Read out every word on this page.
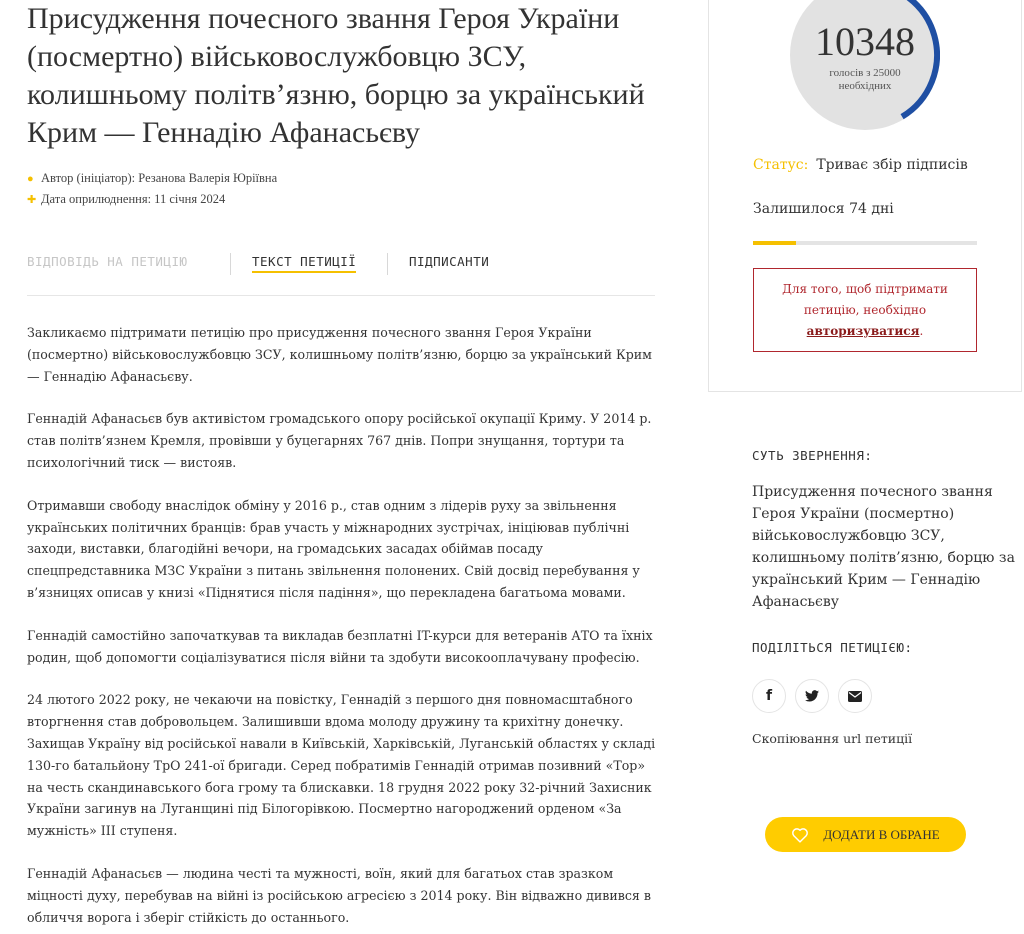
Присудження почесного звання Героя України (посмертно) військовослужбовцю ЗСУ, колишньому політв’язню, борцю за український Крим — Геннадію Афанасьєву
● Автор (ініціатор): Резанова Валерія Юріївна
✚ Дата оприлюднення: 11 січня 2024
ВІДПОВІДЬ НА ПЕТИЦІЮ	ТЕКСТ ПЕТИЦІЇ	ПІДПИСАНТИ

Закликаємо підтримати петицію про присудження почесного звання Героя України (посмертно) військовослужбовцю ЗСУ, колишньому політв’язню, борцю за український Крим — Геннадію Афанасьєву.

Геннадій Афанасьєв був активістом громадського опору російської окупації Криму. У 2014 р. став політв’язнем Кремля, провівши у буцегарнях 767 днів. Попри знущання, тортури та психологічний тиск — вистояв.

Отримавши свободу внаслідок обміну у 2016 р., став одним з лідерів руху за звільнення українських політичних бранців: брав участь у міжнародних зустрічах, ініціював публічні заходи, виставки, благодійні вечори, на громадських засадах обіймав посаду спецпредставника МЗС України з питань звільнення полонених. Свій досвід перебування у в’язницях описав у книзі «Піднятися після падіння», що перекладена багатьома мовами.

Геннадій самостійно започаткував та викладав безплатні IT-курси для ветеранів АТО та їхніх родин, щоб допомогти соціалізуватися після війни та здобути високооплачувану професію.

24 лютого 2022 року, не чекаючи на повістку, Геннадій з першого дня повномасштабного вторгнення став добровольцем. Залишивши вдома молоду дружину та крихітну донечку. Захищав Україну від російської навали в Київській, Харківській, Луганській областях у складі 130-го батальйону ТрО 241-ої бригади. Серед побратимів Геннадій отримав позивний «Тор» на честь скандинавського бога грому та блискавки. 18 грудня 2022 року 32-річний Захисник України загинув на Луганщині під Білогорівкою. Посмертно нагороджений орденом «За мужність» III ступеня.

Геннадій Афанасьєв — людина честі та мужності, воїн, який для багатьох став зразком міцності духу, перебував на війні із російською агресією з 2014 року. Він відважно дивився в обличчя ворога і зберіг стійкість до останнього.

10348
голосів з 25000 необхідних
Статус: Триває збір підписів
Залишилося 74 дні
Для того, щоб підтримати петицію, необхідно
авторизуватися.
СУТЬ ЗВЕРНЕННЯ:
Присудження почесного звання Героя України (посмертно) військовослужбовцю ЗСУ, колишньому політв’язню, борцю за український Крим — Геннадію Афанасьєву
ПОДІЛІТЬСЯ ПЕТИЦІЄЮ:
f
Скопіювання url петиції
ДОДАТИ В ОБРАНЕ
